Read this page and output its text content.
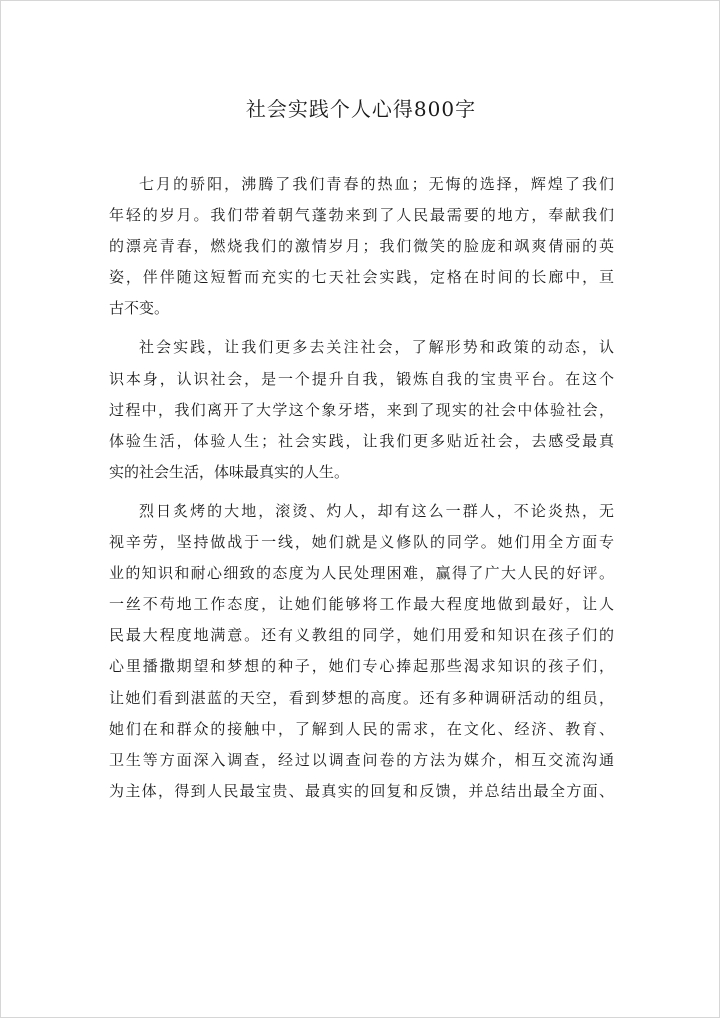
社会实践个人心得800字
七月的骄阳，沸腾了我们青春的热血；无悔的选择，辉煌了我们
年轻的岁月。我们带着朝气蓬勃来到了人民最需要的地方，奉献我们
的漂亮青春，燃烧我们的激情岁月；我们微笑的脸庞和飒爽倩丽的英
姿，伴伴随这短暂而充实的七天社会实践，定格在时间的长廊中，亘
古不变。
社会实践，让我们更多去关注社会，了解形势和政策的动态，认
识本身，认识社会，是一个提升自我，锻炼自我的宝贵平台。在这个
过程中，我们离开了大学这个象牙塔，来到了现实的社会中体验社会，
体验生活，体验人生；社会实践，让我们更多贴近社会，去感受最真
实的社会生活，体味最真实的人生。
烈日炙烤的大地，滚烫、灼人，却有这么一群人，不论炎热，无
视辛劳，坚持做战于一线，她们就是义修队的同学。她们用全方面专
业的知识和耐心细致的态度为人民处理困难，赢得了广大人民的好评。
一丝不苟地工作态度，让她们能够将工作最大程度地做到最好，让人
民最大程度地满意。还有义教组的同学，她们用爱和知识在孩子们的
心里播撒期望和梦想的种子，她们专心捧起那些渴求知识的孩子们，
让她们看到湛蓝的天空，看到梦想的高度。还有多种调研活动的组员，
她们在和群众的接触中，了解到人民的需求，在文化、经济、教育、
卫生等方面深入调查，经过以调查问卷的方法为媒介，相互交流沟通
为主体，得到人民最宝贵、最真实的回复和反馈，并总结出最全方面、
